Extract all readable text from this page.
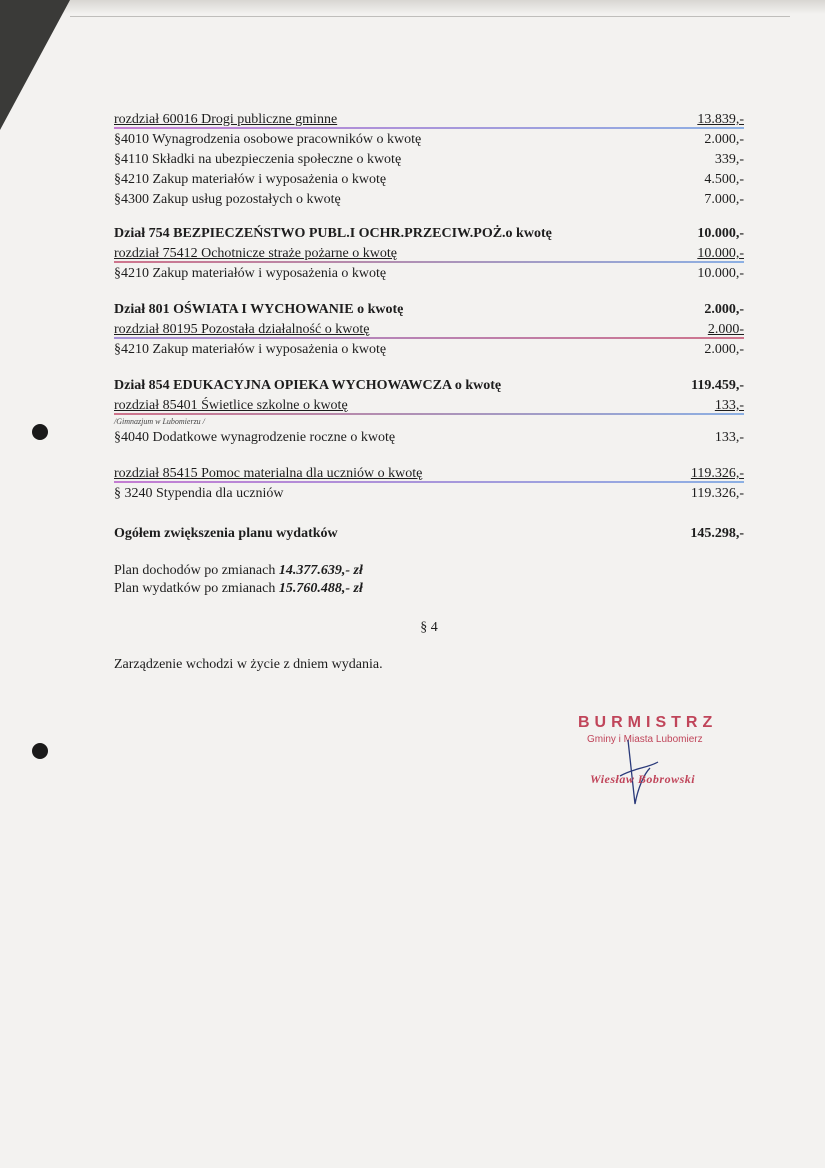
rozdział 60016 Drogi publiczne gminne	13.839,-
§4010 Wynagrodzenia osobowe pracowników o kwotę	2.000,-
§4110 Składki na ubezpieczenia społeczne o kwotę	339,-
§4210 Zakup materiałów i wyposażenia o kwotę	4.500,-
§4300 Zakup usług pozostałych o kwotę	7.000,-
Dział 754 BEZPIECZEŃSTWO PUBL.I OCHR.PRZECIW.POŻ.o kwotę	10.000,-
rozdział 75412 Ochotnicze straże pożarne o kwotę	10.000,-
§4210 Zakup materiałów i wyposażenia o kwotę	10.000,-
Dział 801 OŚWIATA I WYCHOWANIE o kwotę	2.000,-
rozdział 80195 Pozostała działalność o kwotę	2.000-
§4210 Zakup materiałów i wyposażenia o kwotę	2.000,-
Dział 854 EDUKACYJNA OPIEKA WYCHOWAWCZA o kwotę	119.459,-
rozdział 85401 Świetlice szkolne o kwotę	133,-
/Gimnazjum w Lubomierzu /
§4040 Dodatkowe wynagrodzenie roczne o kwotę	133,-
rozdział 85415 Pomoc materialna dla uczniów o kwotę	119.326,-
§ 3240 Stypendia dla uczniów	119.326,-
Ogółem zwiększenia planu wydatków	145.298,-
Plan dochodów po zmianach 14.377.639,- zł
Plan wydatków po zmianach 15.760.488,- zł
§ 4
Zarządzenie wchodzi w życie z dniem wydania.
BURMISTRZ
Gminy i Miasta Lubomierz
Wiesław Bobrowski
